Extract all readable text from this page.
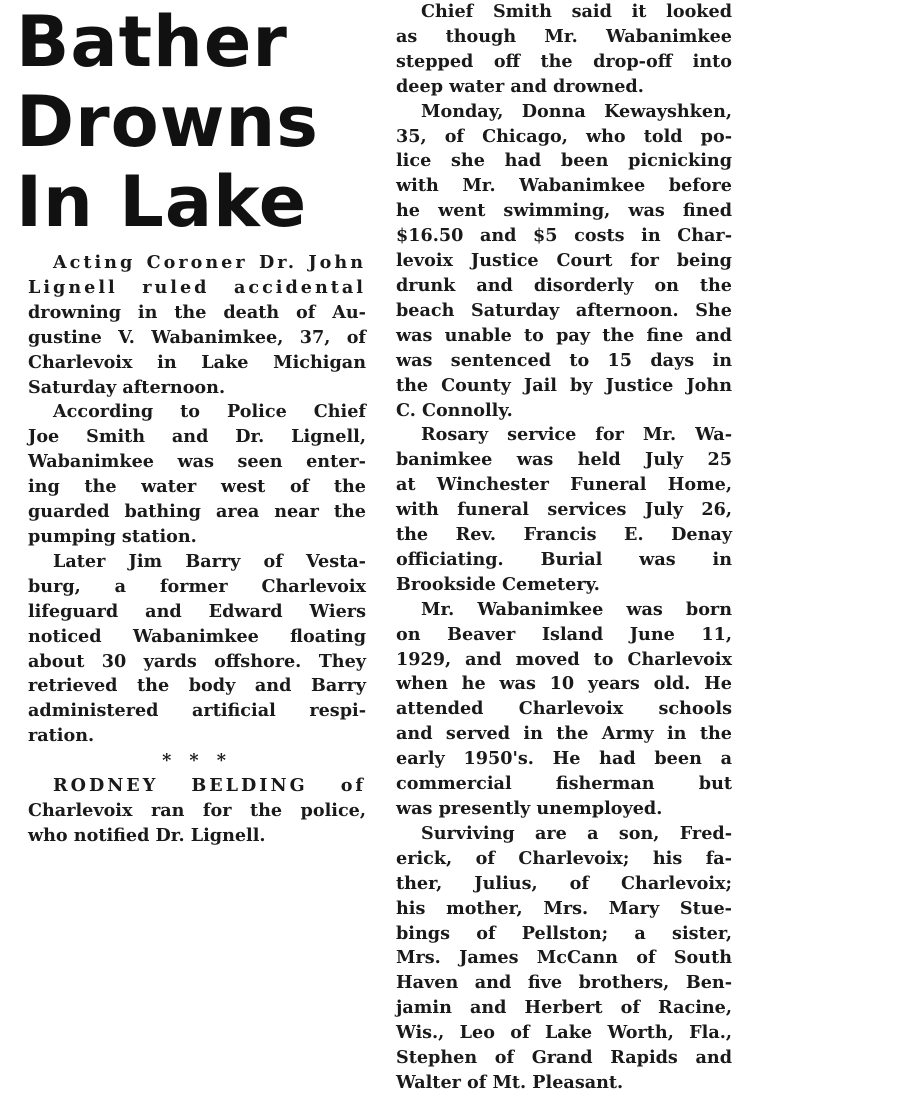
Bather
Drowns
In Lake
Acting Coroner Dr. John
Lignell ruled accidental
drowning in the death of Au-
gustine V. Wabanimkee, 37, of
Charlevoix in Lake Michigan
Saturday afternoon.
According to Police Chief
Joe Smith and Dr. Lignell,
Wabanimkee was seen enter-
ing the water west of the
guarded bathing area near the
pumping station.
Later Jim Barry of Vesta-
burg, a former Charlevoix
lifeguard and Edward Wiers
noticed Wabanimkee floating
about 30 yards offshore. They
retrieved the body and Barry
administered artificial respi-
ration.
* * *
RODNEY BELDING of
Charlevoix ran for the police,
who notified Dr. Lignell.
Chief Smith said it looked
as though Mr. Wabanimkee
stepped off the drop-off into
deep water and drowned.
Monday, Donna Kewayshken,
35, of Chicago, who told po-
lice she had been picnicking
with Mr. Wabanimkee before
he went swimming, was fined
$16.50 and $5 costs in Char-
levoix Justice Court for being
drunk and disorderly on the
beach Saturday afternoon. She
was unable to pay the fine and
was sentenced to 15 days in
the County Jail by Justice John
C. Connolly.
Rosary service for Mr. Wa-
banimkee was held July 25
at Winchester Funeral Home,
with funeral services July 26,
the Rev. Francis E. Denay
officiating. Burial was in
Brookside Cemetery.
Mr. Wabanimkee was born
on Beaver Island June 11,
1929, and moved to Charlevoix
when he was 10 years old. He
attended Charlevoix schools
and served in the Army in the
early 1950's. He had been a
commercial fisherman but
was presently unemployed.
Surviving are a son, Fred-
erick, of Charlevoix; his fa-
ther, Julius, of Charlevoix;
his mother, Mrs. Mary Stue-
bings of Pellston; a sister,
Mrs. James McCann of South
Haven and five brothers, Ben-
jamin and Herbert of Racine,
Wis., Leo of Lake Worth, Fla.,
Stephen of Grand Rapids and
Walter of Mt. Pleasant.
